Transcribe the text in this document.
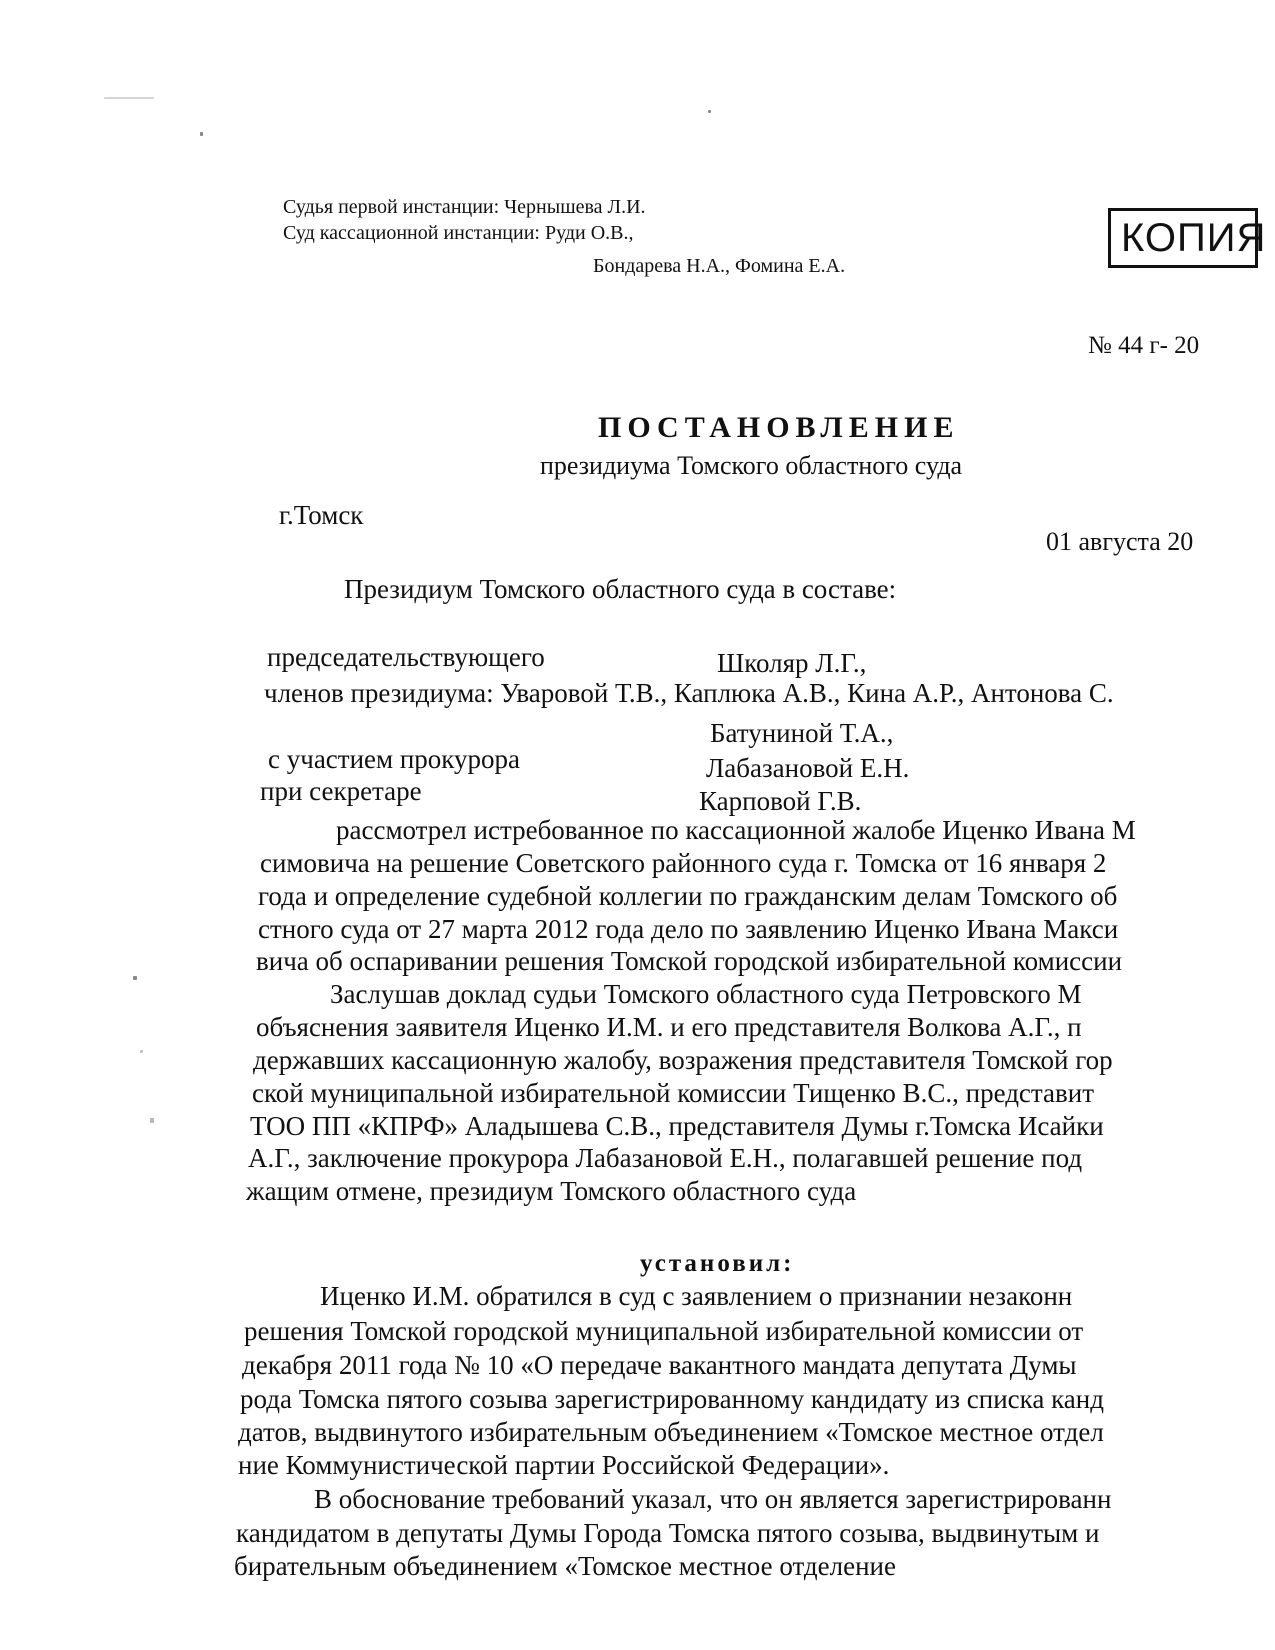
Судья первой инстанции: Чернышева Л.И.
Суд кассационной инстанции: Руди О.В.,
Бондарева Н.А., Фомина Е.А.
КОПИЯ
№ 44 г- 20
ПОСТАНОВЛЕНИЕ
президиума Томского областного суда
г.Томск
01 августа 20
Президиум Томского областного суда в составе:
председательствующего	Школяр Л.Г.,
членов президиума: Уваровой Т.В., Каплюка А.В., Кина А.Р., Антонова С.
Батуниной Т.А.,
с участием прокурора	Лабазановой Е.Н.
при секретаре	Карповой Г.В.
рассмотрел истребованное по кассационной жалобе Иценко Ивана М
симовича на решение Советского районного суда г. Томска от 16 января 2
года и определение судебной коллегии по гражданским делам Томского об
стного суда от 27 марта 2012 года дело по заявлению Иценко Ивана Макси
вича об оспаривании решения Томской городской избирательной комиссии
Заслушав доклад судьи Томского областного суда Петровского М
объяснения заявителя Иценко И.М. и его представителя Волкова А.Г., п
державших кассационную жалобу, возражения представителя Томской гор
ской муниципальной избирательной комиссии Тищенко В.С., представит
ТОО ПП «КПРФ» Аладышева С.В., представителя Думы г.Томска Исайки
А.Г., заключение прокурора Лабазановой Е.Н., полагавшей решение под
жащим отмене, президиум Томского областного суда
установил:
Иценко И.М. обратился в суд с заявлением о признании незаконн
решения Томской городской муниципальной избирательной комиссии от
декабря 2011 года № 10 «О передаче вакантного мандата депутата Думы
рода Томска пятого созыва зарегистрированному кандидату из списка канд
датов, выдвинутого избирательным объединением «Томское местное отдел
ние Коммунистической партии Российской Федерации».
В обоснование требований указал, что он является зарегистрированн
кандидатом в депутаты Думы Города Томска пятого созыва, выдвинутым и
бирательным объединением «Томское местное отделение
